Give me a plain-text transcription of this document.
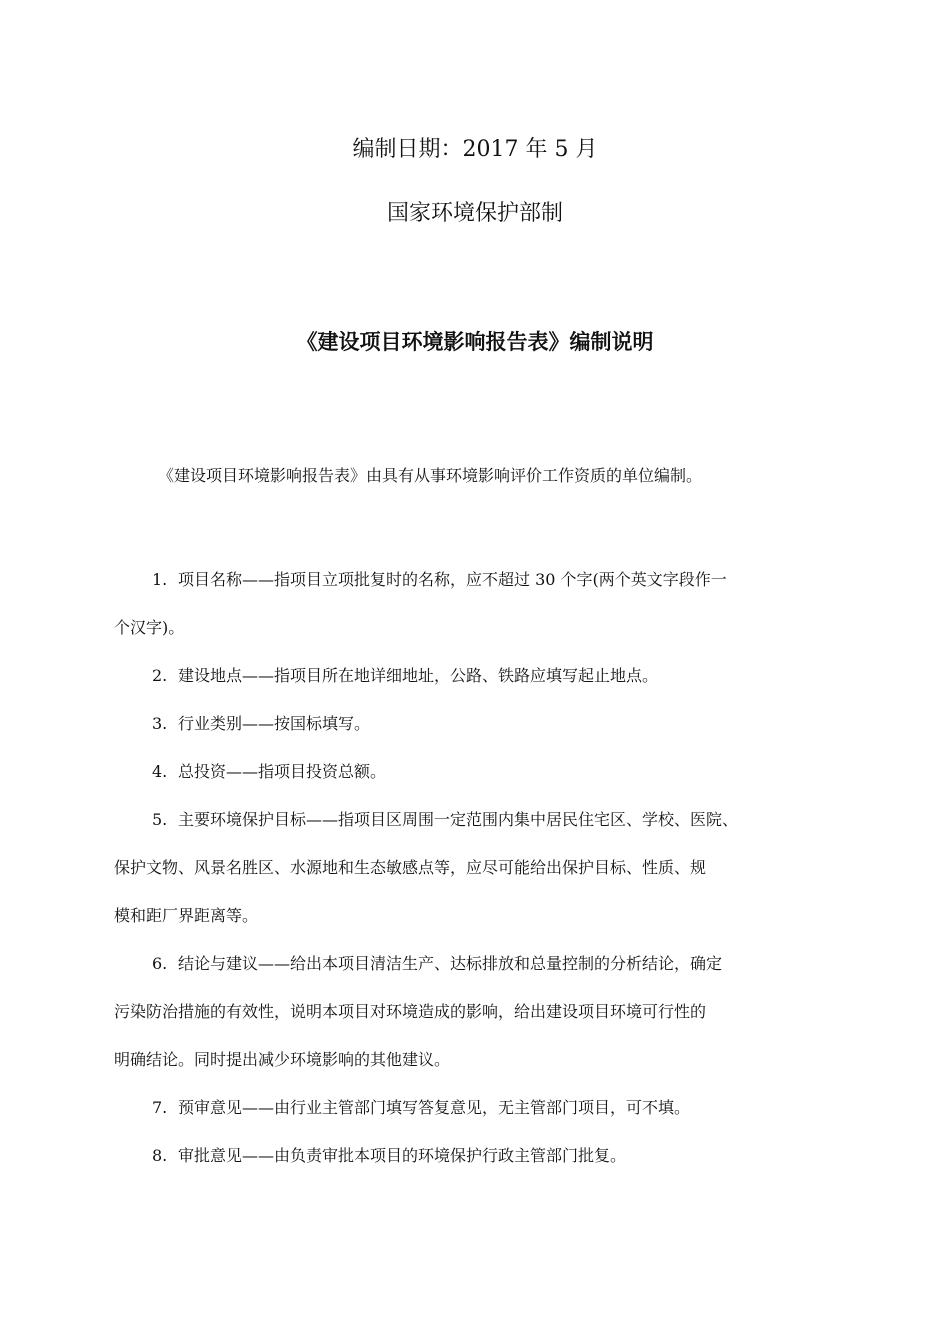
编制日期：2017 年 5 月
国家环境保护部制
《建设项目环境影响报告表》编制说明
《建设项目环境影响报告表》由具有从事环境影响评价工作资质的单位编制。
1. 项目名称——指项目立项批复时的名称，应不超过 30 个字(两个英文字段作一
个汉字)。
2. 建设地点——指项目所在地详细地址，公路、铁路应填写起止地点。
3. 行业类别——按国标填写。
4. 总投资——指项目投资总额。
5. 主要环境保护目标——指项目区周围一定范围内集中居民住宅区、学校、医院、
保护文物、风景名胜区、水源地和生态敏感点等，应尽可能给出保护目标、性质、规
模和距厂界距离等。
6. 结论与建议——给出本项目清洁生产、达标排放和总量控制的分析结论，确定
污染防治措施的有效性，说明本项目对环境造成的影响，给出建设项目环境可行性的
明确结论。同时提出减少环境影响的其他建议。
7. 预审意见——由行业主管部门填写答复意见，无主管部门项目，可不填。
8. 审批意见——由负责审批本项目的环境保护行政主管部门批复。
